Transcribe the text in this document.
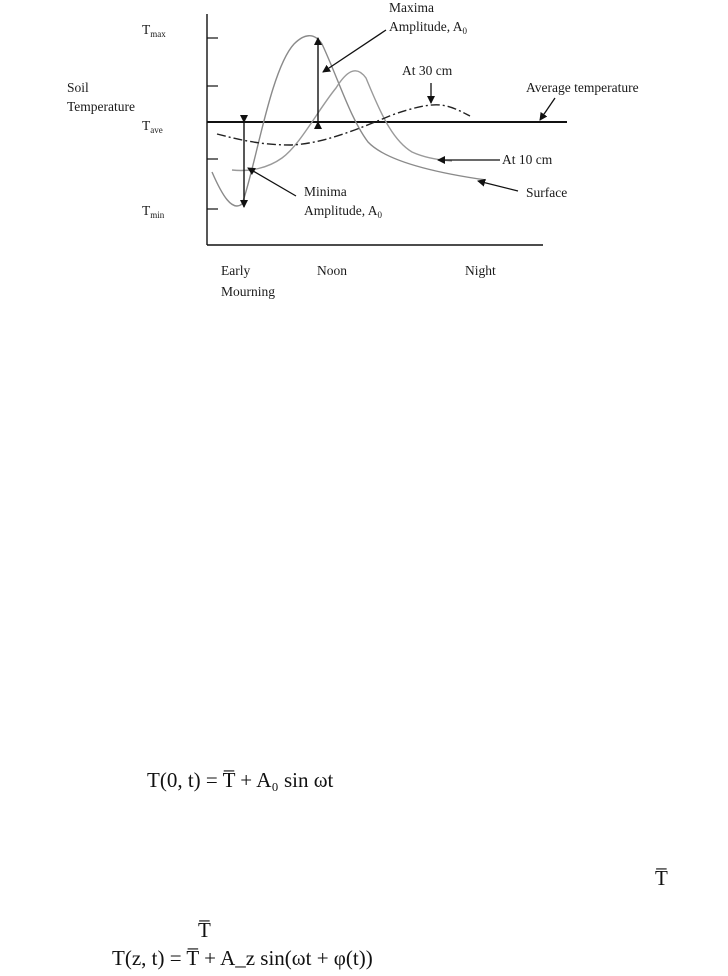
$T_{max}$
Soil
Temperature
$T_{ave}$
$T_{min}$
Early
Mourning
Noon	Night
Maxima
Amplitude, $A_0$
At 30 cm
Average temperature
At 10 cm
Surface
Minima
Amplitude, $A_0$
T(0, t) = T̅ + A₀ sin ωt
T̅
T̅
T(z, t) = T̅ + A_z sin(ωt + φ(t))
